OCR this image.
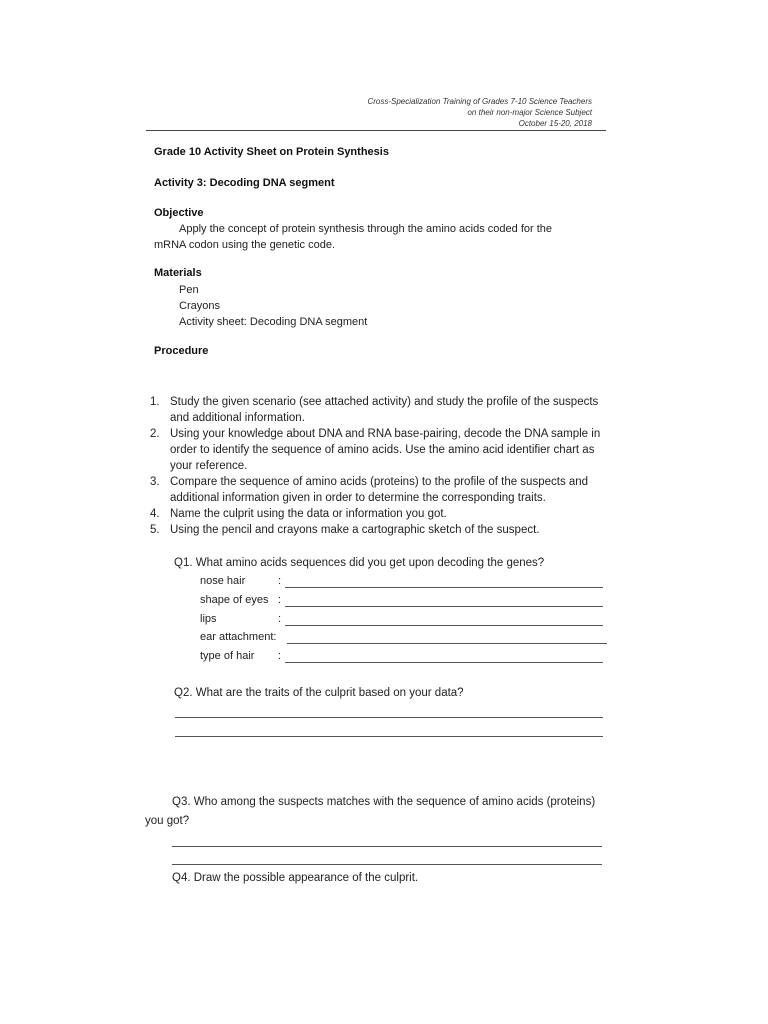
Cross-Specialization Training of Grades 7-10 Science Teachers
on their non-major Science Subject
October 15-20, 2018
Grade 10 Activity Sheet on Protein Synthesis
Activity 3: Decoding DNA segment
Objective
Apply the concept of protein synthesis through the amino acids coded for the
mRNA codon using the genetic code.
Materials
Pen
Crayons
Activity sheet: Decoding DNA segment
Procedure
1. Study the given scenario (see attached activity) and study the profile of the suspects
and additional information.
2. Using your knowledge about DNA and RNA base-pairing, decode the DNA sample in
order to identify the sequence of amino acids. Use the amino acid identifier chart as
your reference.
3. Compare the sequence of amino acids (proteins) to the profile of the suspects and
additional information given in order to determine the corresponding traits.
4. Name the culprit using the data or information you got.
5. Using the pencil and crayons make a cartographic sketch of the suspect.
Q1. What amino acids sequences did you get upon decoding the genes?
nose hair	:
shape of eyes :
lips	:
ear attachment:
type of hair :
Q2. What are the traits of the culprit based on your data?
Q3. Who among the suspects matches with the sequence of amino acids (proteins)
you got?
Q4. Draw the possible appearance of the culprit.
